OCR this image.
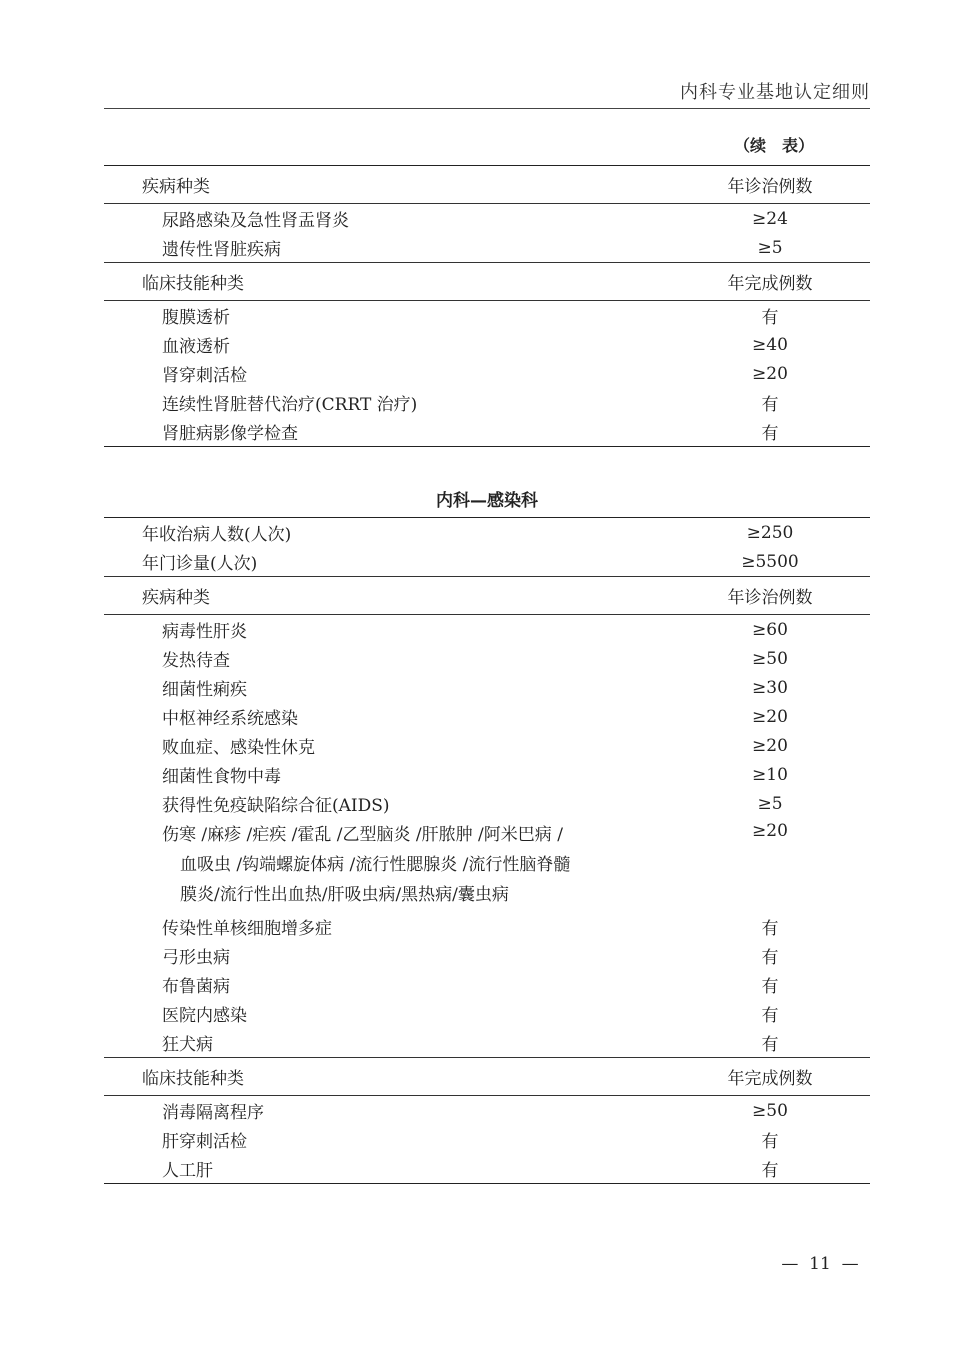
内科专业基地认定细则
（续　表）
疾病种类	年诊治例数
尿路感染及急性肾盂肾炎	≥24
遗传性肾脏疾病	≥5
临床技能种类	年完成例数
腹膜透析	有
血液透析	≥40
肾穿刺活检	≥20
连续性肾脏替代治疗(CRRT 治疗)	有
肾脏病影像学检查	有
内科—感染科
年收治病人数(人次)	≥250
年门诊量(人次)	≥5500
疾病种类	年诊治例数
病毒性肝炎	≥60
发热待查	≥50
细菌性痢疾	≥30
中枢神经系统感染	≥20
败血症、感染性休克	≥20
细菌性食物中毒	≥10
获得性免疫缺陷综合征(AIDS)	≥5

伤寒 /麻疹 /疟疾 /霍乱 /乙型脑炎 /肝脓肿 /阿米巴病 /
血吸虫 /钩端螺旋体病 /流行性腮腺炎 /流行性脑脊髓
膜炎/流行性出血热/肝吸虫病/黑热病/囊虫病	≥20
传染性单核细胞增多症	有
弓形虫病	有
布鲁菌病	有
医院内感染	有
狂犬病	有
临床技能种类	年完成例数
消毒隔离程序	≥50
肝穿刺活检	有
人工肝	有
—  11  —
